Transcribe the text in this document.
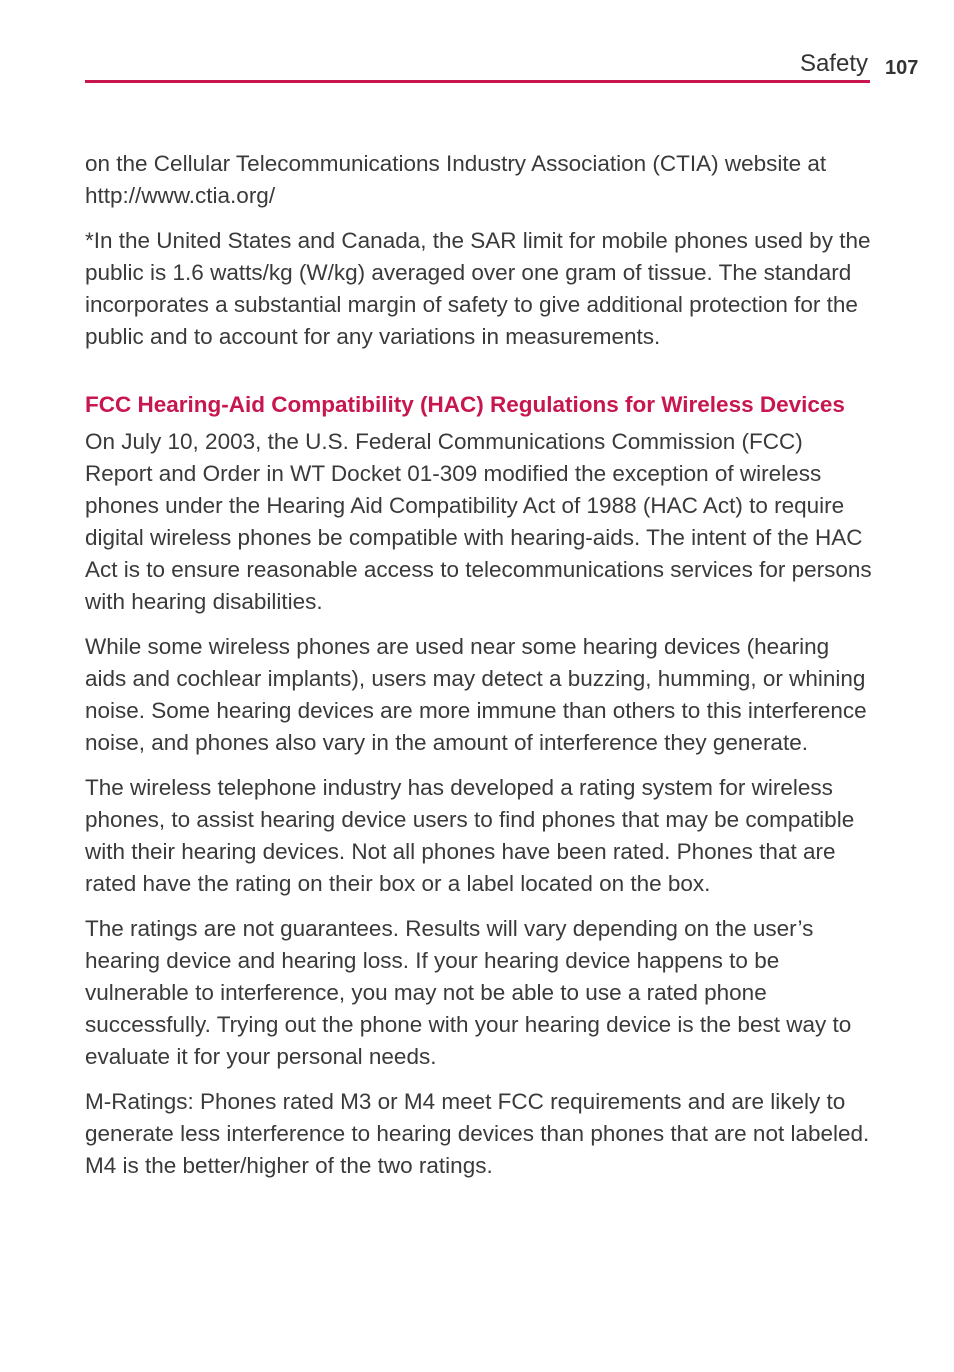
Safety 107

on the Cellular Telecommunications Industry Association (CTIA) website at http://www.ctia.org/

*In the United States and Canada, the SAR limit for mobile phones used by the public is 1.6 watts/kg (W/kg) averaged over one gram of tissue. The standard incorporates a substantial margin of safety to give additional protection for the public and to account for any variations in measurements.

FCC Hearing-Aid Compatibility (HAC) Regulations for Wireless Devices

On July 10, 2003, the U.S. Federal Communications Commission (FCC) Report and Order in WT Docket 01-309 modified the exception of wireless phones under the Hearing Aid Compatibility Act of 1988 (HAC Act) to require digital wireless phones be compatible with hearing-aids. The intent of the HAC Act is to ensure reasonable access to telecommunications services for persons with hearing disabilities.

While some wireless phones are used near some hearing devices (hearing aids and cochlear implants), users may detect a buzzing, humming, or whining noise. Some hearing devices are more immune than others to this interference noise, and phones also vary in the amount of interference they generate.

The wireless telephone industry has developed a rating system for wireless phones, to assist hearing device users to find phones that may be compatible with their hearing devices. Not all phones have been rated. Phones that are rated have the rating on their box or a label located on the box.

The ratings are not guarantees. Results will vary depending on the user’s hearing device and hearing loss. If your hearing device happens to be vulnerable to interference, you may not be able to use a rated phone successfully. Trying out the phone with your hearing device is the best way to evaluate it for your personal needs.

M-Ratings: Phones rated M3 or M4 meet FCC requirements and are likely to generate less interference to hearing devices than phones that are not labeled. M4 is the better/higher of the two ratings.
